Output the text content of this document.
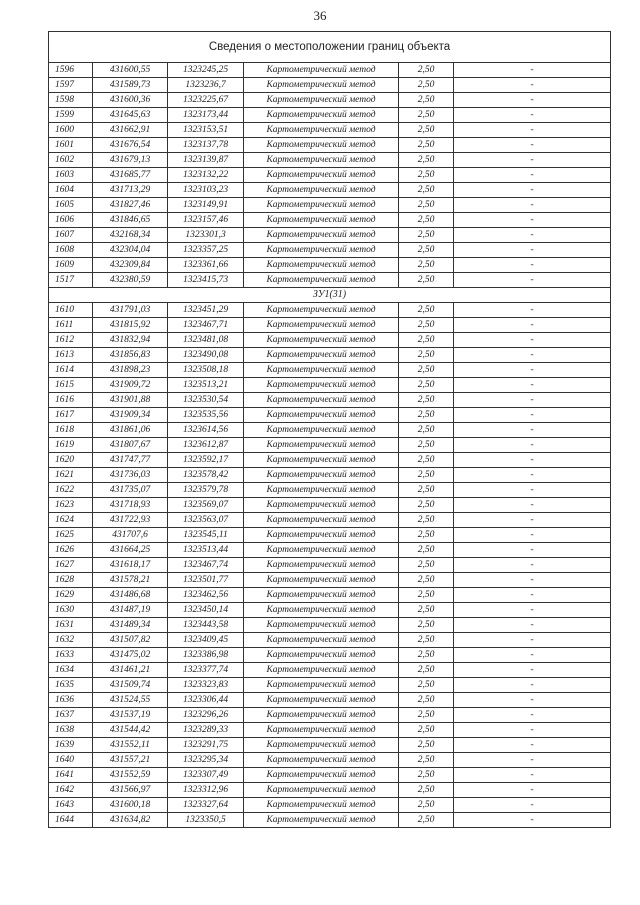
36
Сведения о местоположении границ объекта					
1596	431600,55	1323245,25	Картометрический метод	2,50	-
1597	431589,73	1323236,7	Картометрический метод	2,50	-
1598	431600,36	1323225,67	Картометрический метод	2,50	-
1599	431645,63	1323173,44	Картометрический метод	2,50	-
1600	431662,91	1323153,51	Картометрический метод	2,50	-
1601	431676,54	1323137,78	Картометрический метод	2,50	-
1602	431679,13	1323139,87	Картометрический метод	2,50	-
1603	431685,77	1323132,22	Картометрический метод	2,50	-
1604	431713,29	1323103,23	Картометрический метод	2,50	-
1605	431827,46	1323149,91	Картометрический метод	2,50	-
1606	431846,65	1323157,46	Картометрический метод	2,50	-
1607	432168,34	1323301,3	Картометрический метод	2,50	-
1608	432304,04	1323357,25	Картометрический метод	2,50	-
1609	432309,84	1323361,66	Картометрический метод	2,50	-
1517	432380,59	1323415,73	Картометрический метод	2,50	-
ЗУ1(31)					
1610	431791,03	1323451,29	Картометрический метод	2,50	-
1611	431815,92	1323467,71	Картометрический метод	2,50	-
1612	431832,94	1323481,08	Картометрический метод	2,50	-
1613	431856,83	1323490,08	Картометрический метод	2,50	-
1614	431898,23	1323508,18	Картометрический метод	2,50	-
1615	431909,72	1323513,21	Картометрический метод	2,50	-
1616	431901,88	1323530,54	Картометрический метод	2,50	-
1617	431909,34	1323535,56	Картометрический метод	2,50	-
1618	431861,06	1323614,56	Картометрический метод	2,50	-
1619	431807,67	1323612,87	Картометрический метод	2,50	-
1620	431747,77	1323592,17	Картометрический метод	2,50	-
1621	431736,03	1323578,42	Картометрический метод	2,50	-
1622	431735,07	1323579,78	Картометрический метод	2,50	-
1623	431718,93	1323569,07	Картометрический метод	2,50	-
1624	431722,93	1323563,07	Картометрический метод	2,50	-
1625	431707,6	1323545,11	Картометрический метод	2,50	-
1626	431664,25	1323513,44	Картометрический метод	2,50	-
1627	431618,17	1323467,74	Картометрический метод	2,50	-
1628	431578,21	1323501,77	Картометрический метод	2,50	-
1629	431486,68	1323462,56	Картометрический метод	2,50	-
1630	431487,19	1323450,14	Картометрический метод	2,50	-
1631	431489,34	1323443,58	Картометрический метод	2,50	-
1632	431507,82	1323409,45	Картометрический метод	2,50	-
1633	431475,02	1323386,98	Картометрический метод	2,50	-
1634	431461,21	1323377,74	Картометрический метод	2,50	-
1635	431509,74	1323323,83	Картометрический метод	2,50	-
1636	431524,55	1323306,44	Картометрический метод	2,50	-
1637	431537,19	1323296,26	Картометрический метод	2,50	-
1638	431544,42	1323289,33	Картометрический метод	2,50	-
1639	431552,11	1323291,75	Картометрический метод	2,50	-
1640	431557,21	1323295,34	Картометрический метод	2,50	-
1641	431552,59	1323307,49	Картометрический метод	2,50	-
1642	431566,97	1323312,96	Картометрический метод	2,50	-
1643	431600,18	1323327,64	Картометрический метод	2,50	-
1644	431634,82	1323350,5	Картометрический метод	2,50	-
